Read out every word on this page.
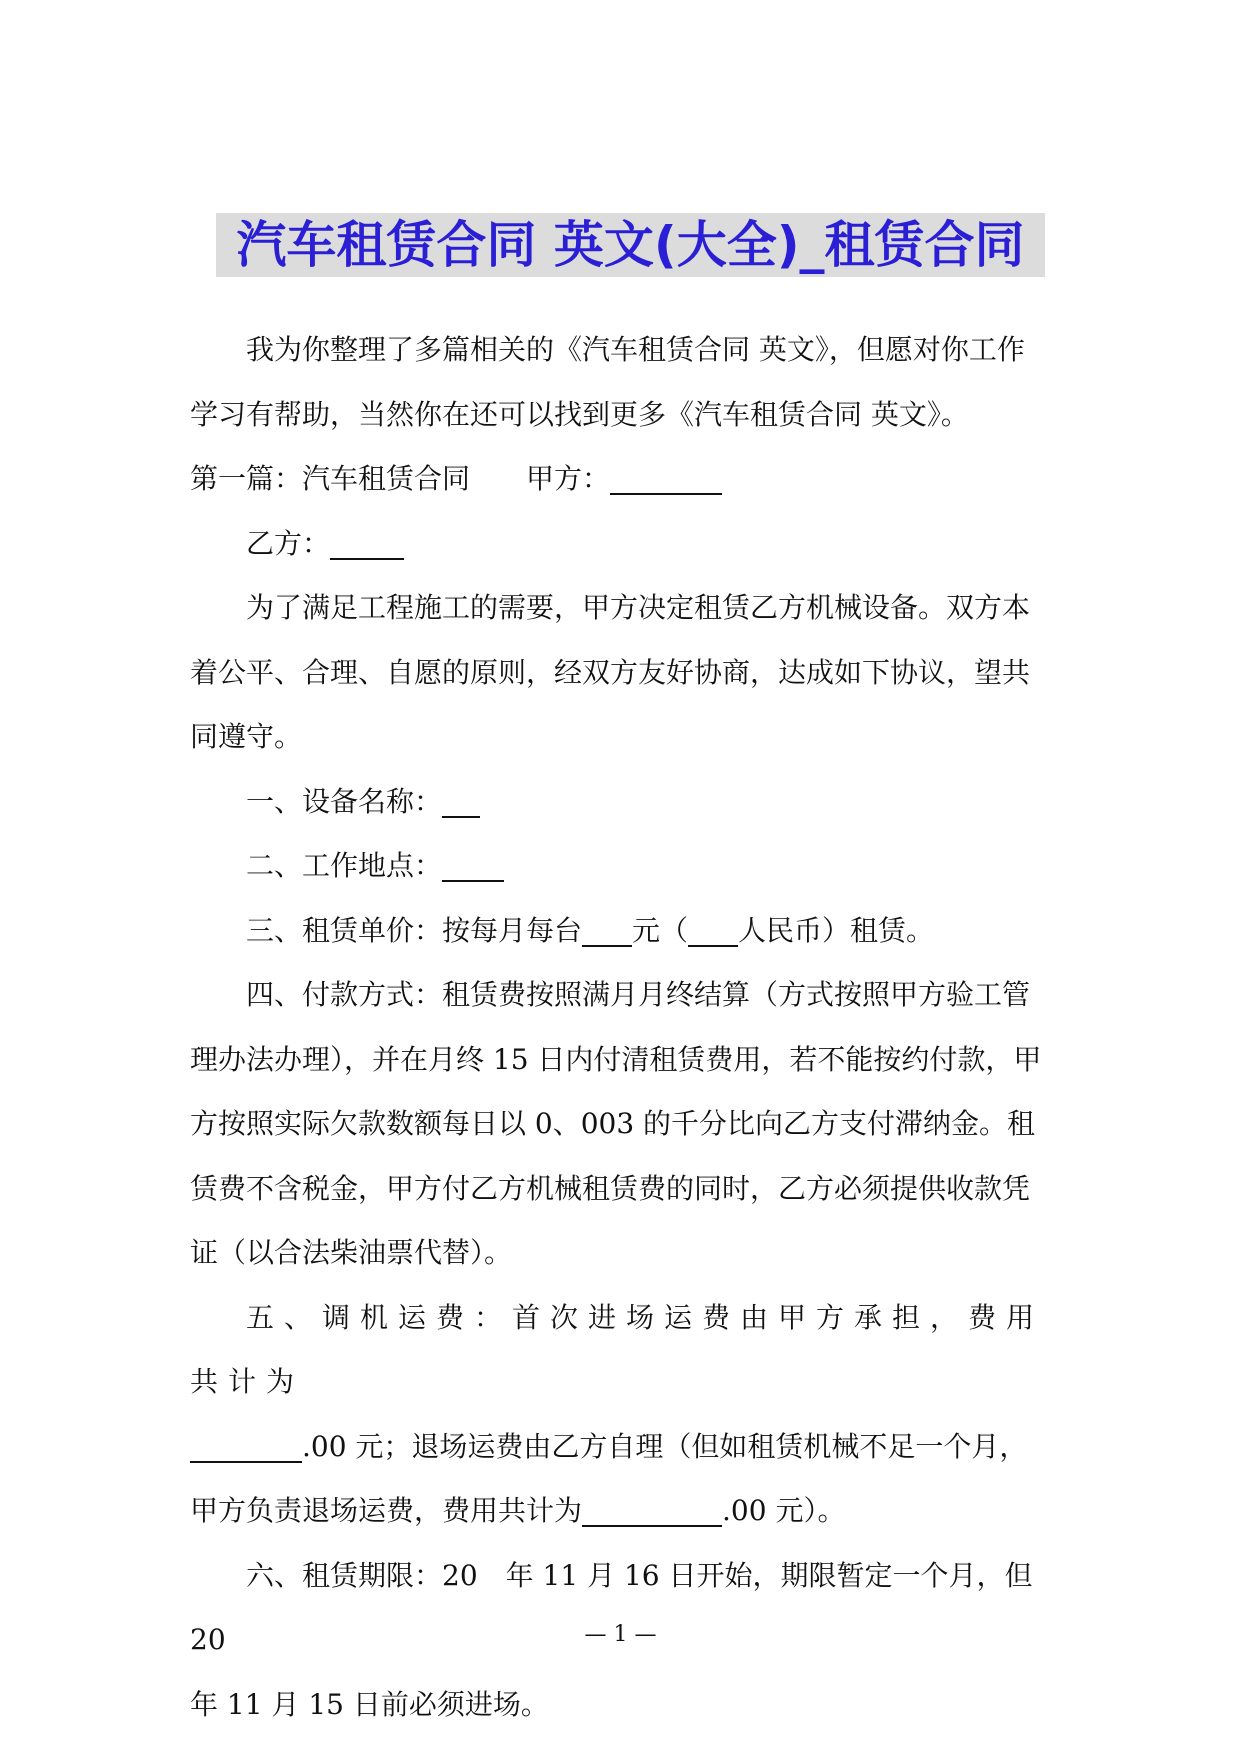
汽车租赁合同 英文(大全)_租赁合同

我为你整理了多篇相关的《汽车租赁合同 英文》，但愿对你工作

学习有帮助，当然你在还可以找到更多《汽车租赁合同 英文》。

第一篇：汽车租赁合同 甲方：

乙方：

为了满足工程施工的需要，甲方决定租赁乙方机械设备。双方本

着公平、合理、自愿的原则，经双方友好协商，达成如下协议，望共

同遵守。

一、设备名称：

二、工作地点：

三、租赁单价：按每月每台 元（ 人民币）租赁。

四、付款方式：租赁费按照满月月终结算（方式按照甲方验工管

理办法办理），并在月终 15 日内付清租赁费用，若不能按约付款，甲

方按照实际欠款数额每日以 0、003 的千分比向乙方支付滞纳金。租

赁费不含税金，甲方付乙方机械租赁费的同时，乙方必须提供收款凭

证（以合法柴油票代替）。

五、调机运费：首次进场运费由甲方承担，费用共计为

.00 元；退场运费由乙方自理（但如租赁机械不足一个月，

甲方负责退场运费，费用共计为	.00 元）。

六、租赁期限：20 年 11 月 16 日开始，期限暂定一个月，但 20

年 11 月 15 日前必须进场。

— 1 —
